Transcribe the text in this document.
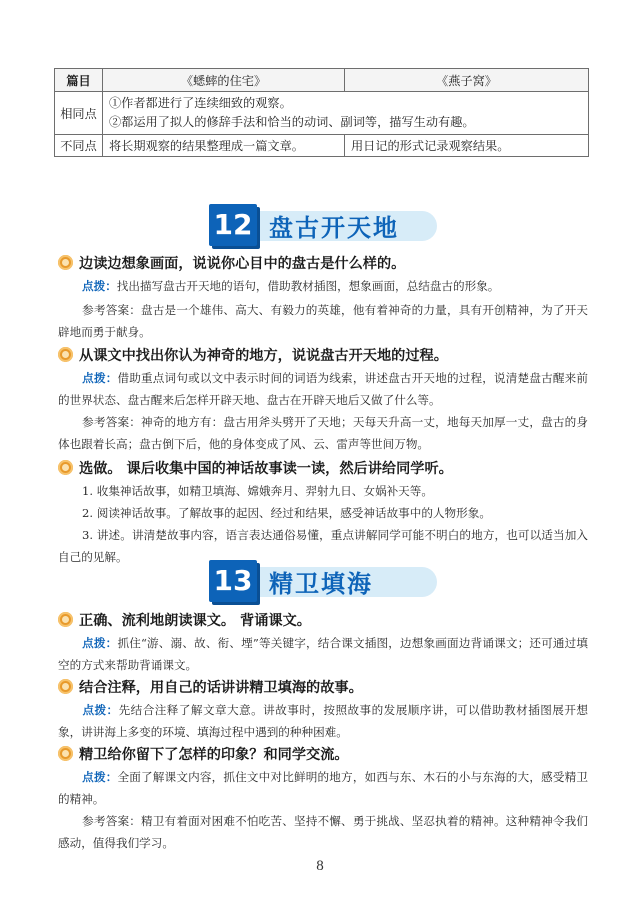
篇目	《蟋蟀的住宅》	《燕子窝》
相同点	①作者都进行了连续细致的观察。
②都运用了拟人的修辞手法和恰当的动词、副词等，描写生动有趣。	

不同点	将长期观察的结果整理成一篇文章。	用日记的形式记录观察结果。
12 盘古开天地
边读边想象画面，说说你心目中的盘古是什么样的。
点拨：找出描写盘古开天地的语句，借助教材插图，想象画面，总结盘古的形象。
参考答案：盘古是一个雄伟、高大、有毅力的英雄，他有着神奇的力量，具有开创精神，为了开天辟地而勇于献身。
从课文中找出你认为神奇的地方，说说盘古开天地的过程。
点拨：借助重点词句或以文中表示时间的词语为线索，讲述盘古开天地的过程，说清楚盘古醒来前的世界状态、盘古醒来后怎样开辟天地、盘古在开辟天地后又做了什么等。
参考答案：神奇的地方有：盘古用斧头劈开了天地；天每天升高一丈，地每天加厚一丈，盘古的身体也跟着长高；盘古倒下后，他的身体变成了风、云、雷声等世间万物。
选做。 课后收集中国的神话故事读一读，然后讲给同学听。
1. 收集神话故事，如精卫填海、嫦娥奔月、羿射九日、女娲补天等。
2. 阅读神话故事。了解故事的起因、经过和结果，感受神话故事中的人物形象。
3. 讲述。讲清楚故事内容，语言表达通俗易懂，重点讲解同学可能不明白的地方，也可以适当加入自己的见解。
13 精卫填海
正确、流利地朗读课文。 背诵课文。
点拨：抓住“游、溺、故、衔、堙”等关键字，结合课文插图，边想象画面边背诵课文；还可通过填空的方式来帮助背诵课文。
结合注释，用自己的话讲讲精卫填海的故事。
点拨：先结合注释了解文章大意。讲故事时，按照故事的发展顺序讲，可以借助教材插图展开想象，讲讲海上多变的环境、填海过程中遇到的种种困难。
精卫给你留下了怎样的印象？和同学交流。
点拨：全面了解课文内容，抓住文中对比鲜明的地方，如西与东、木石的小与东海的大，感受精卫的精神。
参考答案：精卫有着面对困难不怕吃苦、坚持不懈、勇于挑战、坚忍执着的精神。这种精神令我们感动，值得我们学习。
8
